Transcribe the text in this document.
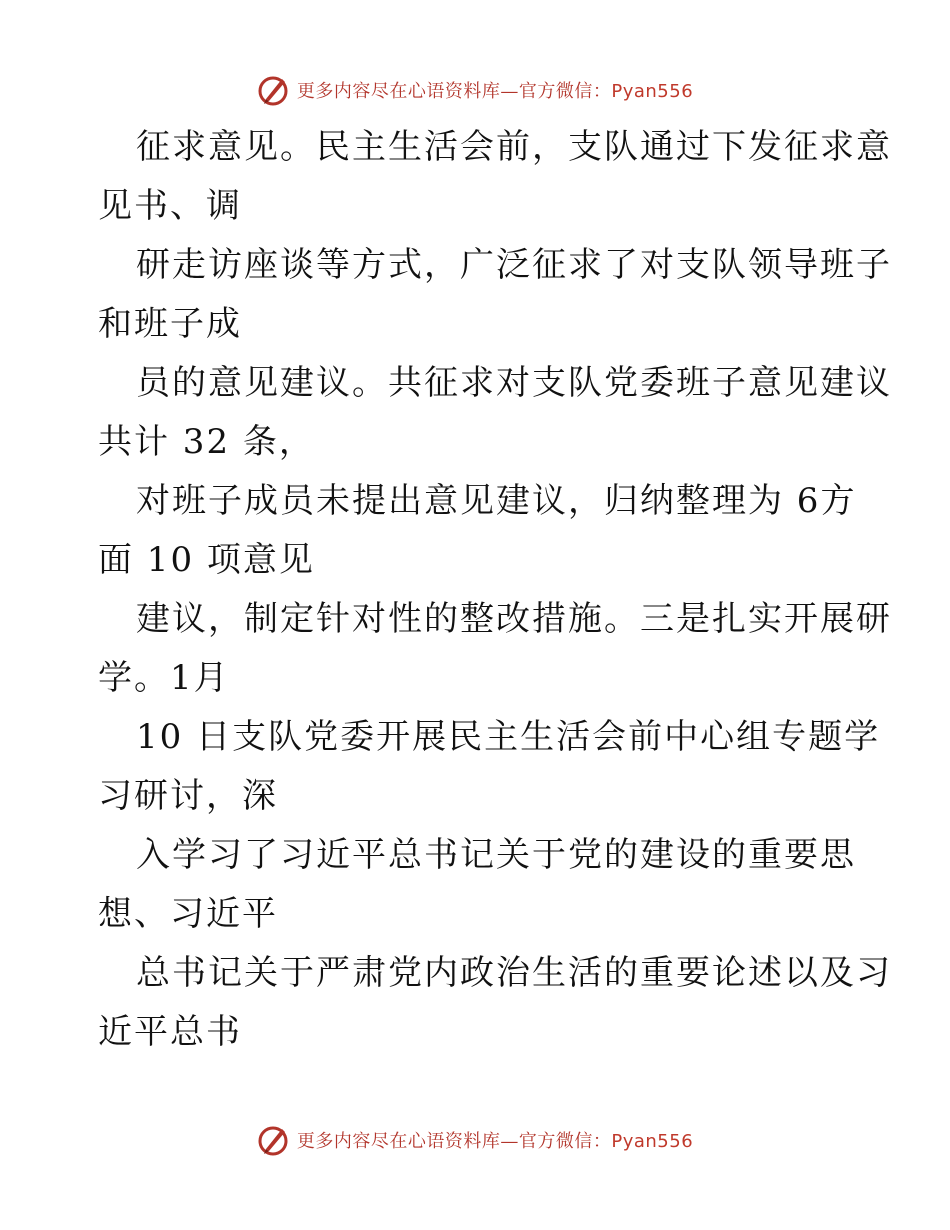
更多内容尽在心语资料库—官方微信：Pyan556
征求意见。民主生活会前，支队通过下发征求意
见书、调
研走访座谈等方式，广泛征求了对支队领导班子
和班子成
员的意见建议。共征求对支队党委班子意见建议
共计 32 条，
对班子成员未提出意见建议，归纳整理为 6方
面 10 项意见
建议，制定针对性的整改措施。三是扎实开展研
学。1月
10 日支队党委开展民主生活会前中心组专题学
习研讨，深
入学习了习近平总书记关于党的建设的重要思
想、习近平
总书记关于严肃党内政治生活的重要论述以及习
近平总书
更多内容尽在心语资料库—官方微信：Pyan556
